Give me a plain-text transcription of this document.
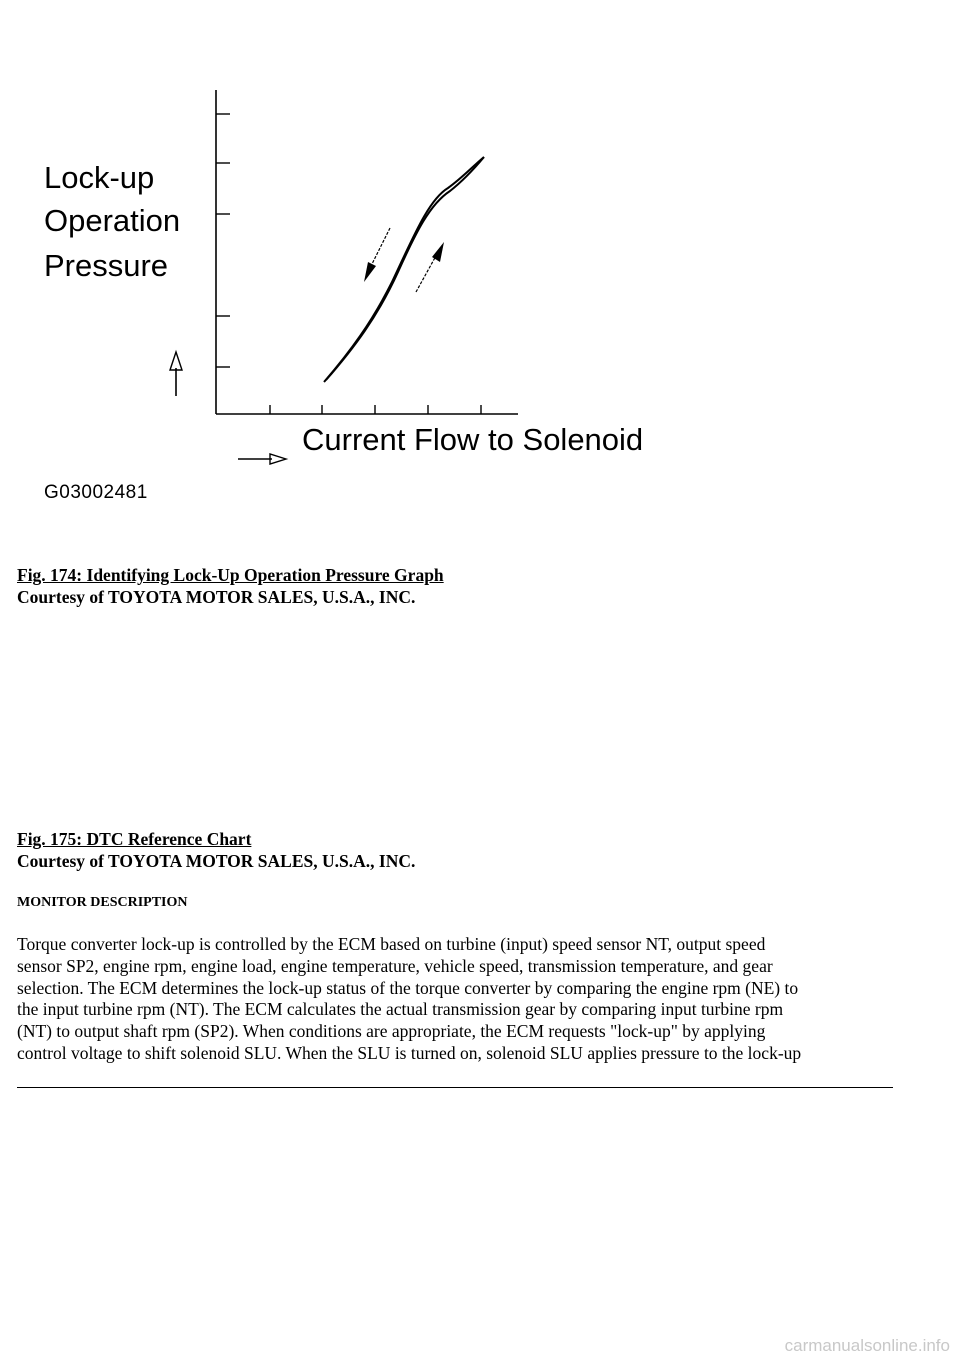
Lock-up
Operation
Pressure
Current Flow to Solenoid
G03002481

Fig. 174: Identifying Lock-Up Operation Pressure Graph

Courtesy of TOYOTA MOTOR SALES, U.S.A., INC.

Fig. 175: DTC Reference Chart

Courtesy of TOYOTA MOTOR SALES, U.S.A., INC.

MONITOR DESCRIPTION

Torque converter lock-up is controlled by the ECM based on turbine (input) speed sensor NT, output speed
sensor SP2, engine rpm, engine load, engine temperature, vehicle speed, transmission temperature, and gear
selection. The ECM determines the lock-up status of the torque converter by comparing the engine rpm (NE) to
the input turbine rpm (NT). The ECM calculates the actual transmission gear by comparing input turbine rpm
(NT) to output shaft rpm (SP2). When conditions are appropriate, the ECM requests "lock-up" by applying
control voltage to shift solenoid SLU. When the SLU is turned on, solenoid SLU applies pressure to the lock-up
carmanualsonline.info
